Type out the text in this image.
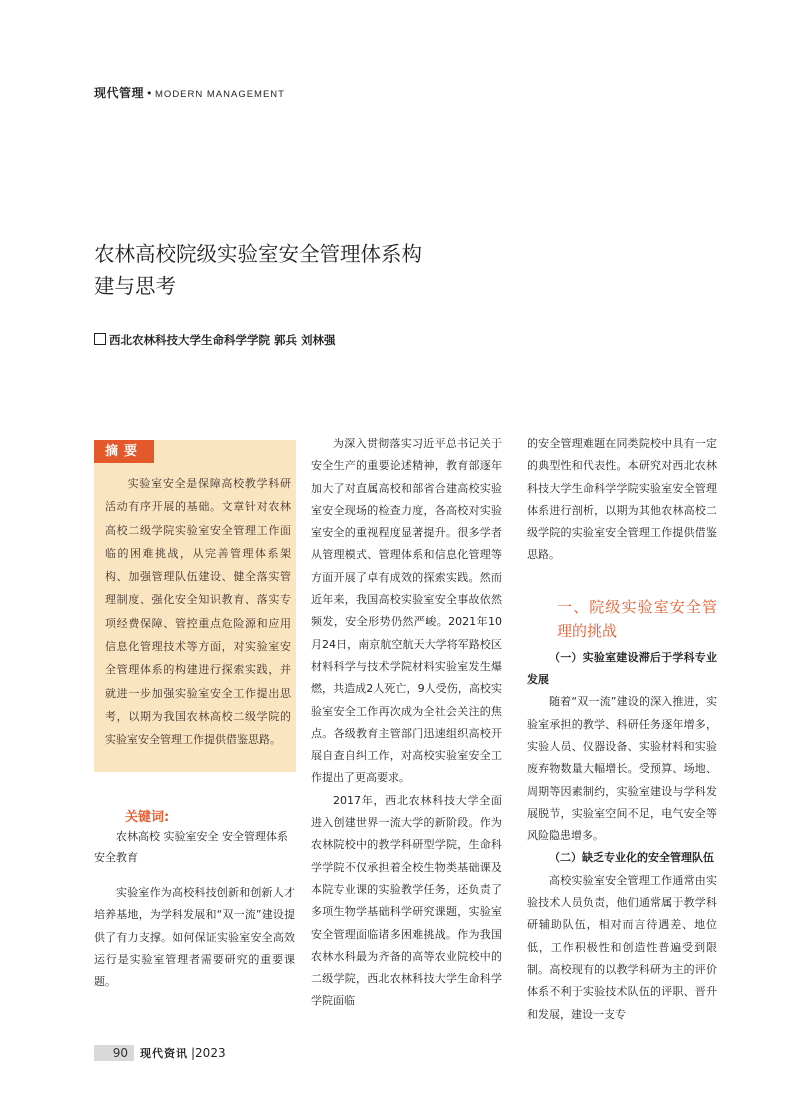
现代管理 • MODERN MANAGEMENT
农林高校院级实验室安全管理体系构
建与思考
西北农林科技大学生命科学学院 郭兵 刘林强
摘要
  实验室安全是保障高校教学科研活动有序开展的基础。文章针对农林高校二级学院实验室安全管理工作面临的困难挑战，从完善管理体系架构、加强管理队伍建设、健全落实管理制度、强化安全知识教育、落实专项经费保障、管控重点危险源和应用信息化管理技术等方面，对实验室安全管理体系的构建进行探索实践，并就进一步加强实验室安全工作提出思考，以期为我国农林高校二级学院的实验室安全管理工作提供借鉴思路。
关键词:
  农林高校 实验室安全 安全管理体系 安全教育

实验室作为高校科技创新和创新人才培养基地，为学科发展和“双一流”建设提供了有力支撑。如何保证实验室安全高效运行是实验室管理者需要研究的重要课题。

为深入贯彻落实习近平总书记关于安全生产的重要论述精神，教育部逐年加大了对直属高校和部省合建高校实验室安全现场的检查力度，各高校对实验室安全的重视程度显著提升。很多学者从管理模式、管理体系和信息化管理等方面开展了卓有成效的探索实践。然而近年来，我国高校实验室安全事故依然频发，安全形势仍然严峻。2021年10月24日，南京航空航天大学将军路校区材料科学与技术学院材料实验室发生爆燃，共造成2人死亡，9人受伤，高校实验室安全工作再次成为全社会关注的焦点。各级教育主管部门迅速组织高校开展自查自纠工作，对高校实验室安全工作提出了更高要求。

2017年，西北农林科技大学全面进入创建世界一流大学的新阶段。作为农林院校中的教学科研型学院，生命科学学院不仅承担着全校生物类基础课及本院专业课的实验教学任务，还负责了多项生物学基础科学研究课题，实验室安全管理面临诸多困难挑战。作为我国农林水科最为齐备的高等农业院校中的二级学院，西北农林科技大学生命科学学院面临

的安全管理难题在同类院校中具有一定的典型性和代表性。本研究对西北农林科技大学生命科学学院实验室安全管理体系进行剖析，以期为其他农林高校二级学院的实验室安全管理工作提供借鉴思路。

一、院级实验室安全管理的挑战

（一）实验室建设滞后于学科专业发展

随着“双一流”建设的深入推进，实验室承担的教学、科研任务逐年增多，实验人员、仪器设备、实验材料和实验废弃物数量大幅增长。受预算、场地、周期等因素制约，实验室建设与学科发展脱节，实验室空间不足，电气安全等风险隐患增多。

（二）缺乏专业化的安全管理队伍

高校实验室安全管理工作通常由实验技术人员负责，他们通常属于教学科研辅助队伍，相对而言待遇差、地位低，工作积极性和创造性普遍受到限制。高校现有的以教学科研为主的评价体系不利于实验技术队伍的评职、晋升和发展，建设一支专

90	现代资讯 |2023
